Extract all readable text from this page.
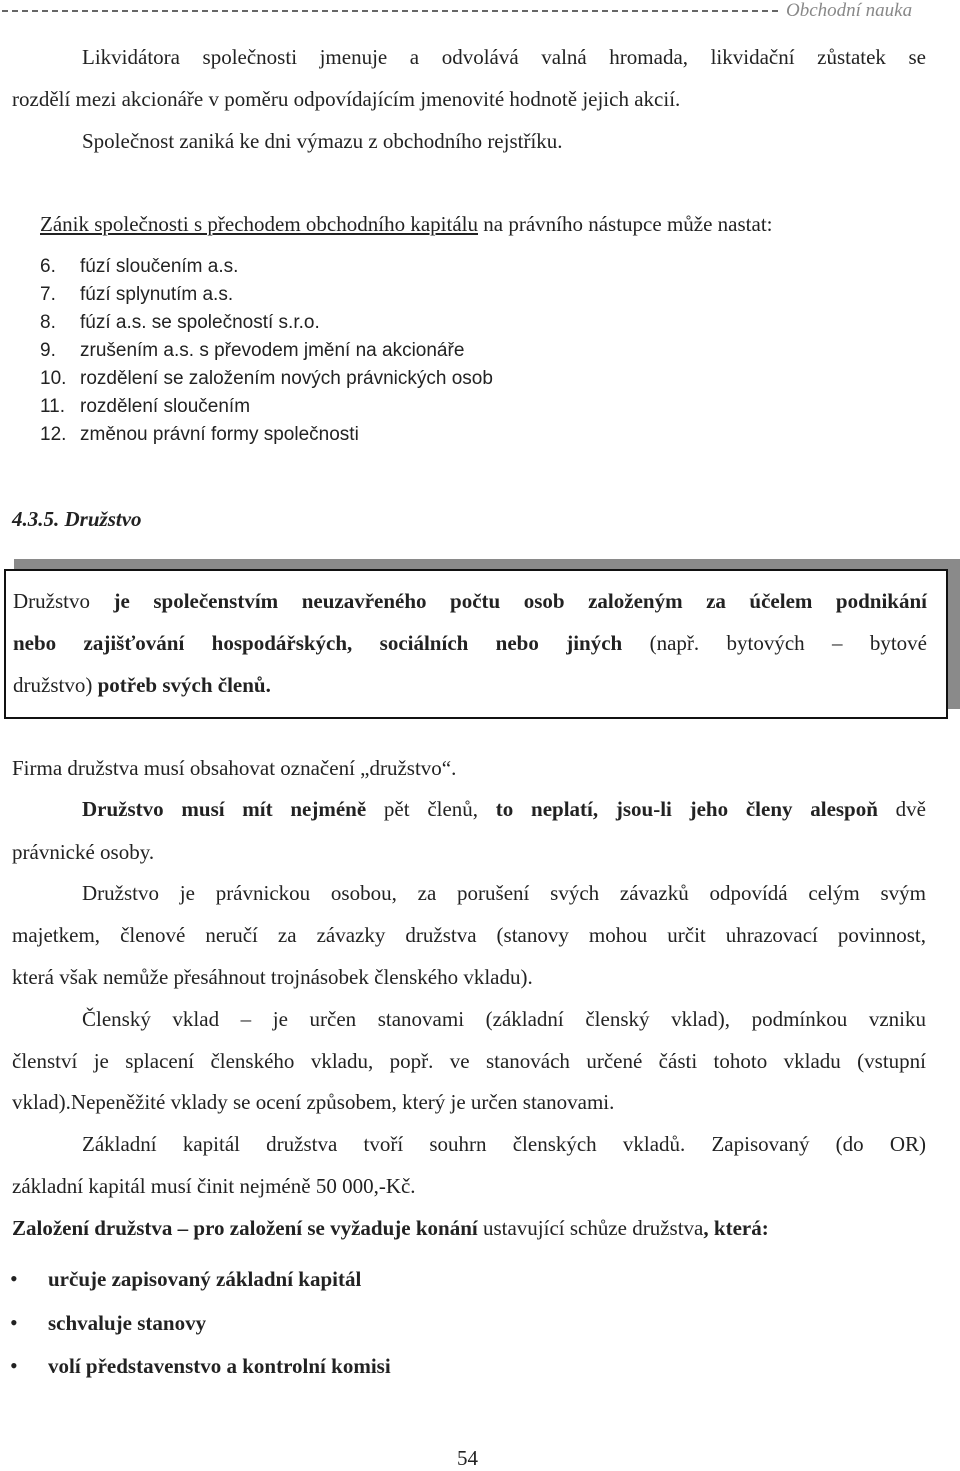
Obchodní nauka
Likvidátora společnosti jmenuje a odvolává valná hromada, likvidační zůstatek se
rozdělí mezi akcionáře v poměru odpovídajícím jmenovité hodnotě jejich akcií.
Společnost zaniká ke dni výmazu z obchodního rejstříku.
Zánik společnosti s přechodem obchodního kapitálu na právního nástupce může nastat:
6. fúzí sloučením a.s.
7. fúzí splynutím a.s.
8. fúzí a.s. se společností s.r.o.
9. zrušením a.s. s převodem jmění na akcionáře
10. rozdělení se založením nových právnických osob
11. rozdělení sloučením
12. změnou právní formy společnosti
4.3.5. Družstvo
Družstvo je společenstvím neuzavřeného počtu osob založeným za účelem podnikání
nebo zajišťování hospodářských, sociálních nebo jiných (např. bytových – bytové
družstvo) potřeb svých členů.
Firma družstva musí obsahovat označení „družstvo“.
Družstvo musí mít nejméně pět členů, to neplatí, jsou-li jeho členy alespoň dvě
právnické osoby.
Družstvo je právnickou osobou, za porušení svých závazků odpovídá celým svým
majetkem, členové neručí za závazky družstva (stanovy mohou určit uhrazovací povinnost,
která však nemůže přesáhnout trojnásobek členského vkladu).
Členský vklad – je určen stanovami (základní členský vklad), podmínkou vzniku
členství je splacení členského vkladu, popř. ve stanovách určené části tohoto vkladu (vstupní
vklad).Nepeněžité vklady se ocení způsobem, který je určen stanovami.
Základní kapitál družstva tvoří souhrn členských vkladů. Zapisovaný (do OR)
základní kapitál musí činit nejméně 50 000,-Kč.
Založení družstva – pro založení se vyžaduje konání ustavující schůze družstva, která:
• určuje zapisovaný základní kapitál
• schvaluje stanovy
• volí představenstvo a kontrolní komisi
54
